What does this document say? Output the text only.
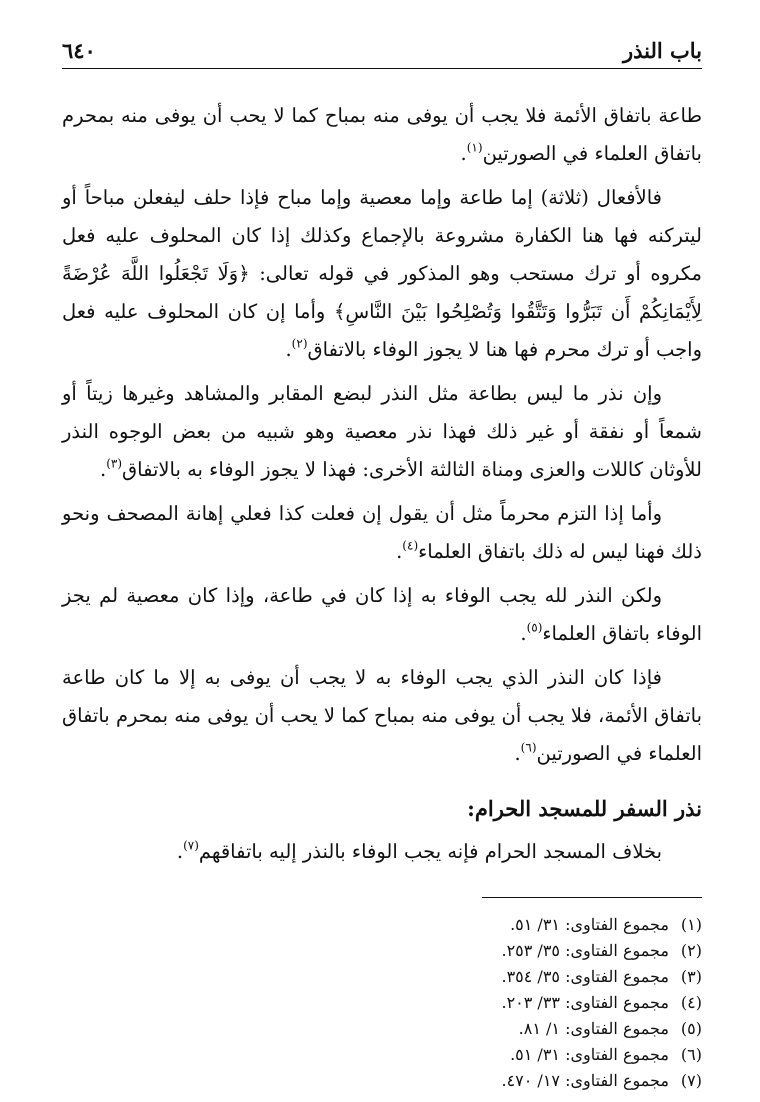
باب النذر
٦٤٠

طاعة باتفاق الأئمة فلا يجب أن يوفى منه بمباح كما لا يحب أن يوفى منه بمحرم باتفاق العلماء في الصورتين$^{(١)}$.

فالأفعال (ثلاثة) إما طاعة وإما معصية وإما مباح فإذا حلف ليفعلن مباحاً أو ليتركنه فها هنا الكفارة مشروعة بالإجماع وكذلك إذا كان المحلوف عليه فعل مكروه أو ترك مستحب وهو المذكور في قوله تعالى: ﴿وَلَا تَجْعَلُوا اللَّهَ عُرْضَةً لِأَيْمَانِكُمْ أَن تَبَرُّوا وَتَتَّقُوا وَتُصْلِحُوا بَيْنَ النَّاسِ﴾ وأما إن كان المحلوف عليه فعل واجب أو ترك محرم فها هنا لا يجوز الوفاء بالاتفاق$^{(٢)}$.

وإن نذر ما ليس بطاعة مثل النذر لبضع المقابر والمشاهد وغيرها زيتاً أو شمعاً أو نفقة أو غير ذلك فهذا نذر معصية وهو شبيه من بعض الوجوه النذر للأوثان كاللات والعزى ومناة الثالثة الأخرى: فهذا لا يجوز الوفاء به بالاتفاق$^{(٣)}$.

وأما إذا التزم محرماً مثل أن يقول إن فعلت كذا فعلي إهانة المصحف ونحو ذلك فهنا ليس له ذلك باتفاق العلماء$^{(٤)}$.

ولكن النذر لله يجب الوفاء به إذا كان في طاعة، وإذا كان معصية لم يجز الوفاء باتفاق العلماء$^{(٥)}$.

فإذا كان النذر الذي يجب الوفاء به لا يجب أن يوفى به إلا ما كان طاعة باتفاق الأئمة، فلا يجب أن يوفى منه بمباح كما لا يحب أن يوفى منه بمحرم باتفاق العلماء في الصورتين$^{(٦)}$.

نذر السفر للمسجد الحرام:

بخلاف المسجد الحرام فإنه يجب الوفاء بالنذر إليه باتفاقهم$^{(٧)}$.

(١) مجموع الفتاوى: ٣١/ ٥١.
(٢) مجموع الفتاوى: ٣٥/ ٢٥٣.
(٣) مجموع الفتاوى: ٣٥/ ٣٥٤.
(٤) مجموع الفتاوى: ٣٣/ ٢٠٣.
(٥) مجموع الفتاوى: ١/ ٨١.
(٦) مجموع الفتاوى: ٣١/ ٥١.
(٧) مجموع الفتاوى: ١٧/ ٤٧٠.
